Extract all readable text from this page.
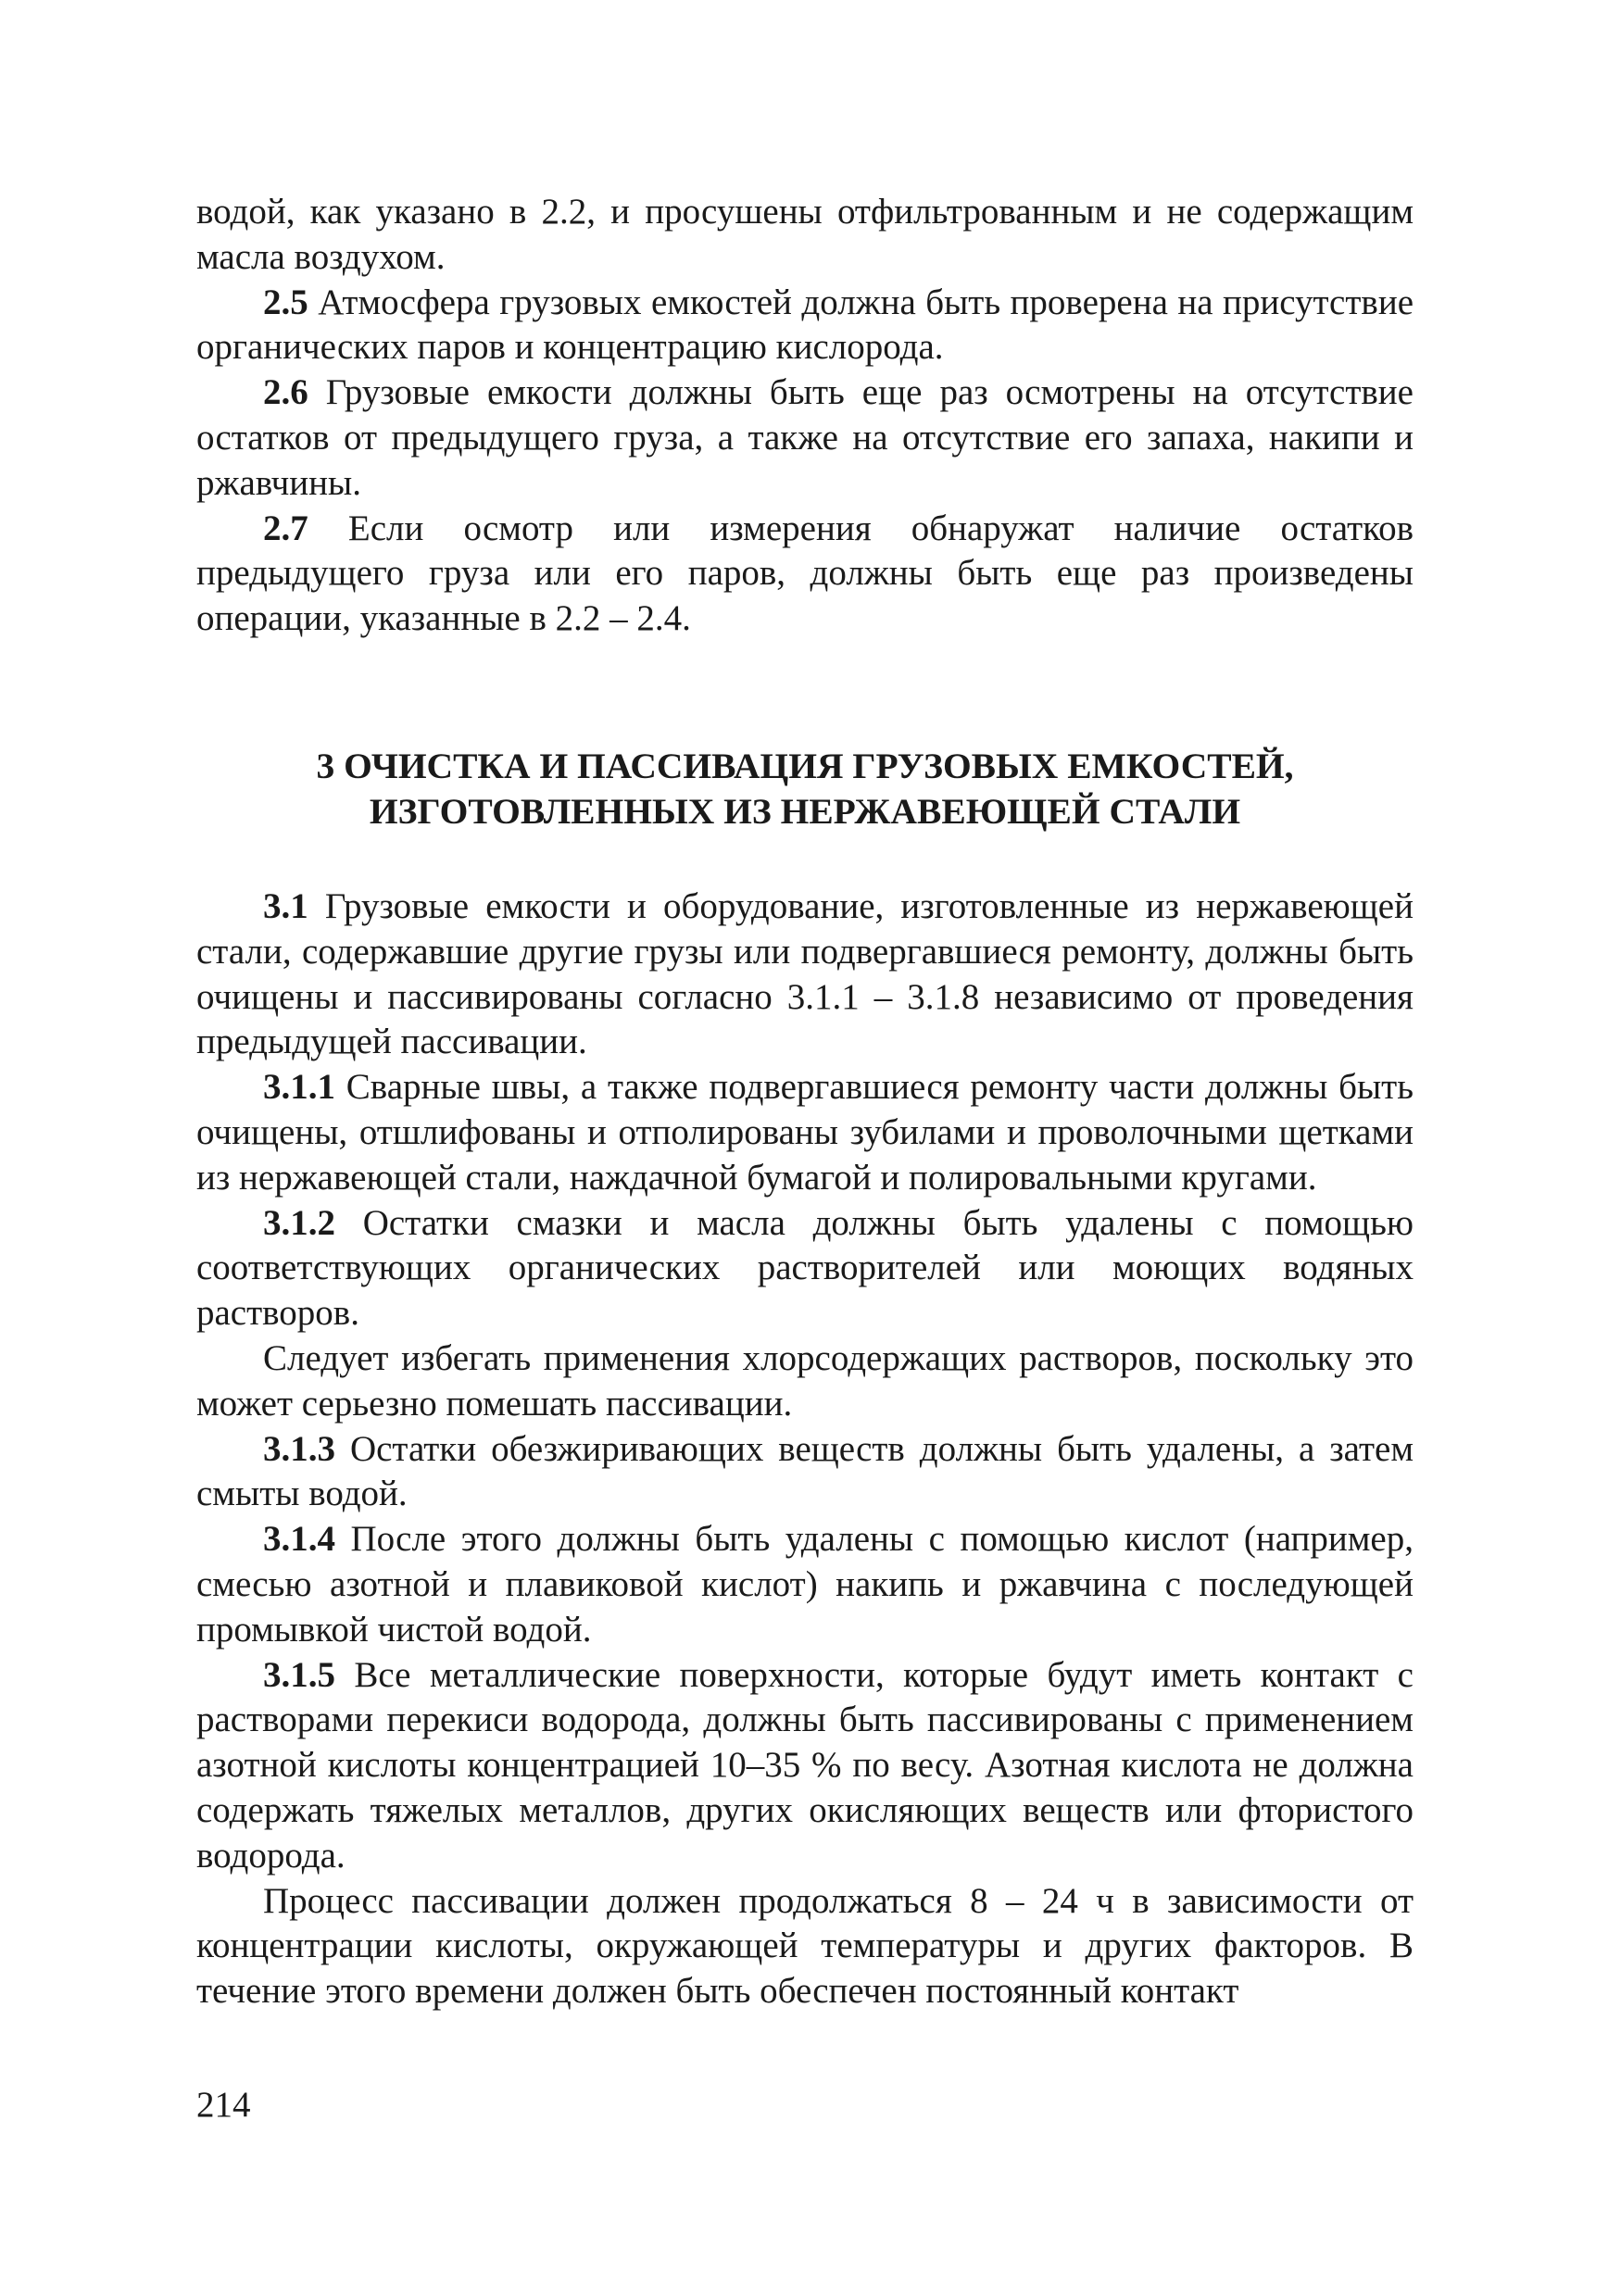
водой, как указано в 2.2, и просушены отфильтрованным и не содержащим масла воздухом.

2.5 Атмосфера грузовых емкостей должна быть проверена на присутствие органических паров и концентрацию кислорода.

2.6 Грузовые емкости должны быть еще раз осмотрены на отсутствие остатков от предыдущего груза, а также на отсутствие его запаха, накипи и ржавчины.

2.7 Если осмотр или измерения обнаружат наличие остатков предыдущего груза или его паров, должны быть еще раз произведены операции, указанные в 2.2 – 2.4.

3 ОЧИСТКА И ПАССИВАЦИЯ ГРУЗОВЫХ ЕМКОСТЕЙ,
ИЗГОТОВЛЕННЫХ ИЗ НЕРЖАВЕЮЩЕЙ СТАЛИ

3.1 Грузовые емкости и оборудование, изготовленные из нержавеющей стали, содержавшие другие грузы или подвергавшиеся ремонту, должны быть очищены и пассивированы согласно 3.1.1 – 3.1.8 независимо от проведения предыдущей пассивации.

3.1.1 Сварные швы, а также подвергавшиеся ремонту части должны быть очищены, отшлифованы и отполированы зубилами и проволочными щетками из нержавеющей стали, наждачной бумагой и полировальными кругами.

3.1.2 Остатки смазки и масла должны быть удалены с помощью соответствующих органических растворителей или моющих водяных растворов.

Следует избегать применения хлорсодержащих растворов, поскольку это может серьезно помешать пассивации.

3.1.3 Остатки обезжиривающих веществ должны быть удалены, а затем смыты водой.

3.1.4 После этого должны быть удалены с помощью кислот (например, смесью азотной и плавиковой кислот) накипь и ржавчина с последующей промывкой чистой водой.

3.1.5 Все металлические поверхности, которые будут иметь контакт с растворами перекиси водорода, должны быть пассивированы с применением азотной кислоты концентрацией 10–35 % по весу. Азотная кислота не должна содержать тяжелых металлов, других окисляющих веществ или фтористого водорода.

Процесс пассивации должен продолжаться 8 – 24 ч в зависимости от концентрации кислоты, окружающей температуры и других факторов. В течение этого времени должен быть обеспечен постоянный контакт

214
